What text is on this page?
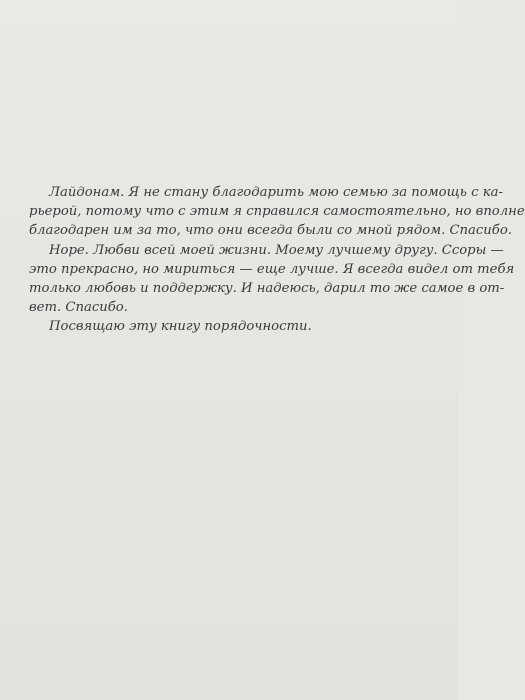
Лайдонам. Я не стану благодарить мою семью за помощь с ка-
рьерой, потому что с этим я справился самостоятельно, но вполне
благодарен им за то, что они всегда были со мной рядом. Спасибо.
Норе. Любви всей моей жизни. Моему лучшему другу. Ссоры —
это прекрасно, но мириться — еще лучше. Я всегда видел от тебя
только любовь и поддержку. И надеюсь, дарил то же самое в от-
вет. Спасибо.
Посвящаю эту книгу порядочности.
